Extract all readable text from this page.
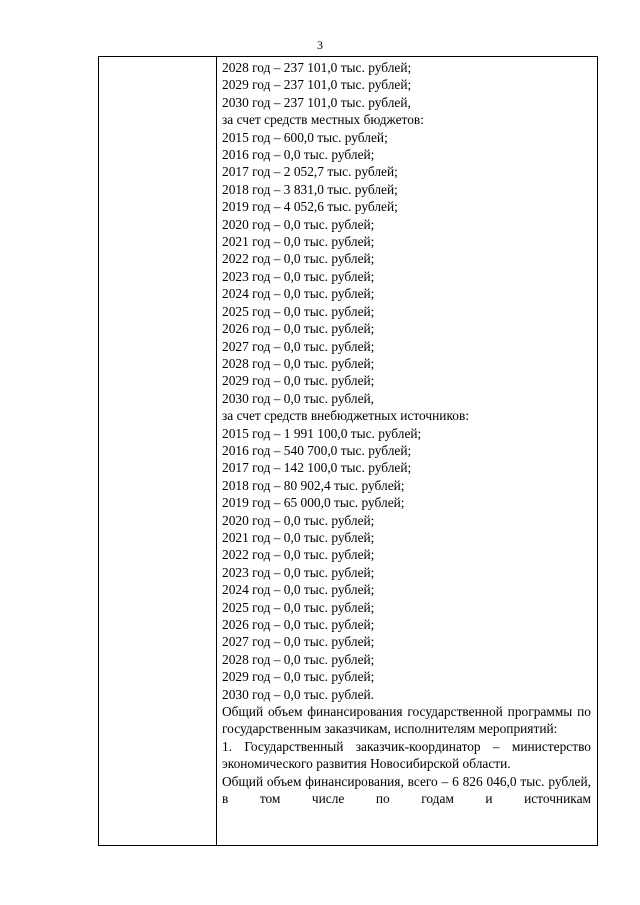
3
2028 год – 237 101,0 тыс. рублей;
2029 год – 237 101,0 тыс. рублей;
2030 год – 237 101,0 тыс. рублей,
за счет средств местных бюджетов:
2015 год – 600,0 тыс. рублей;
2016 год – 0,0 тыс. рублей;
2017 год – 2 052,7 тыс. рублей;
2018 год – 3 831,0 тыс. рублей;
2019 год – 4 052,6 тыс. рублей;
2020 год – 0,0 тыс. рублей;
2021 год – 0,0 тыс. рублей;
2022 год – 0,0 тыс. рублей;
2023 год – 0,0 тыс. рублей;
2024 год – 0,0 тыс. рублей;
2025 год – 0,0 тыс. рублей;
2026 год – 0,0 тыс. рублей;
2027 год – 0,0 тыс. рублей;
2028 год – 0,0 тыс. рублей;
2029 год – 0,0 тыс. рублей;
2030 год – 0,0 тыс. рублей,
за счет средств внебюджетных источников:
2015 год – 1 991 100,0 тыс. рублей;
2016 год – 540 700,0 тыс. рублей;
2017 год – 142 100,0 тыс. рублей;
2018 год – 80 902,4 тыс. рублей;
2019 год – 65 000,0 тыс. рублей;
2020 год – 0,0 тыс. рублей;
2021 год – 0,0 тыс. рублей;
2022 год – 0,0 тыс. рублей;
2023 год – 0,0 тыс. рублей;
2024 год – 0,0 тыс. рублей;
2025 год – 0,0 тыс. рублей;
2026 год – 0,0 тыс. рублей;
2027 год – 0,0 тыс. рублей;
2028 год – 0,0 тыс. рублей;
2029 год – 0,0 тыс. рублей;
2030 год – 0,0 тыс. рублей.
Общий объем финансирования государственной программы по государственным заказчикам, исполнителям мероприятий:
1. Государственный заказчик-координатор – министерство экономического развития Новосибирской области.
Общий объем финансирования, всего – 6 826 046,0 тыс. рублей, в том числе по годам и источникам
